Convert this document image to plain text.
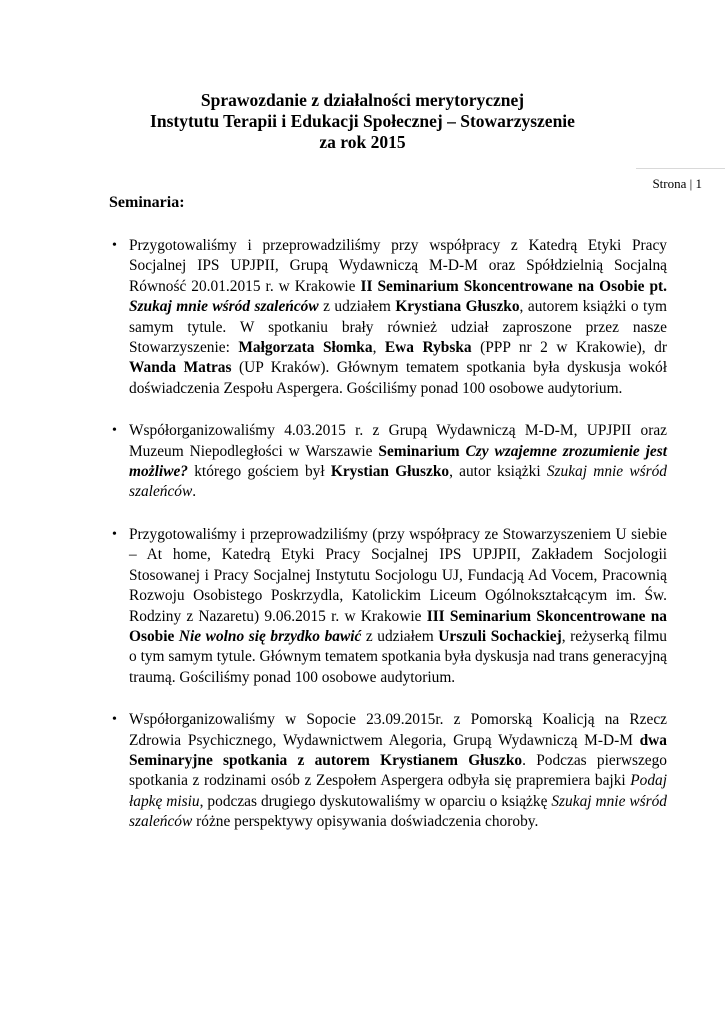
Sprawozdanie z działalności merytorycznej
Instytutu Terapii i Edukacji Społecznej – Stowarzyszenie
za rok 2015
Strona | 1
Seminaria:
• Przygotowaliśmy i przeprowadziliśmy przy współpracy z Katedrą Etyki Pracy Socjalnej IPS UPJPII, Grupą Wydawniczą M-D-M oraz Spółdzielnią Socjalną Równość 20.01.2015 r. w Krakowie II Seminarium Skoncentrowane na Osobie pt. Szukaj mnie wśród szaleńców z udziałem Krystiana Głuszko, autorem książki o tym samym tytule. W spotkaniu brały również udział zaproszone przez nasze Stowarzyszenie: Małgorzata Słomka, Ewa Rybska (PPP nr 2 w Krakowie), dr Wanda Matras (UP Kraków). Głównym tematem spotkania była dyskusja wokół doświadczenia Zespołu Aspergera. Gościliśmy ponad 100 osobowe audytorium.
• Współorganizowaliśmy 4.03.2015 r. z Grupą Wydawniczą M-D-M, UPJPII oraz Muzeum Niepodległości w Warszawie Seminarium Czy wzajemne zrozumienie jest możliwe? którego gościem był Krystian Głuszko, autor książki Szukaj mnie wśród szaleńców.
• Przygotowaliśmy i przeprowadziliśmy (przy współpracy ze Stowarzyszeniem U siebie – At home, Katedrą Etyki Pracy Socjalnej IPS UPJPII, Zakładem Socjologii Stosowanej i Pracy Socjalnej Instytutu Socjologu UJ, Fundacją Ad Vocem, Pracownią Rozwoju Osobistego Poskrzydla, Katolickim Liceum Ogólnokształcącym im. Św. Rodziny z Nazaretu) 9.06.2015 r. w Krakowie III Seminarium Skoncentrowane na Osobie Nie wolno się brzydko bawić z udziałem Urszuli Sochackiej, reżyserką filmu o tym samym tytule. Głównym tematem spotkania była dyskusja nad trans generacyjną traumą. Gościliśmy ponad 100 osobowe audytorium.
• Współorganizowaliśmy w Sopocie 23.09.2015r. z Pomorską Koalicją na Rzecz Zdrowia Psychicznego, Wydawnictwem Alegoria, Grupą Wydawniczą M-D-M dwa Seminaryjne spotkania z autorem Krystianem Głuszko. Podczas pierwszego spotkania z rodzinami osób z Zespołem Aspergera odbyła się prapremiera bajki Podaj łapkę misiu, podczas drugiego dyskutowaliśmy w oparciu o książkę Szukaj mnie wśród szaleńców różne perspektywy opisywania doświadczenia choroby.
